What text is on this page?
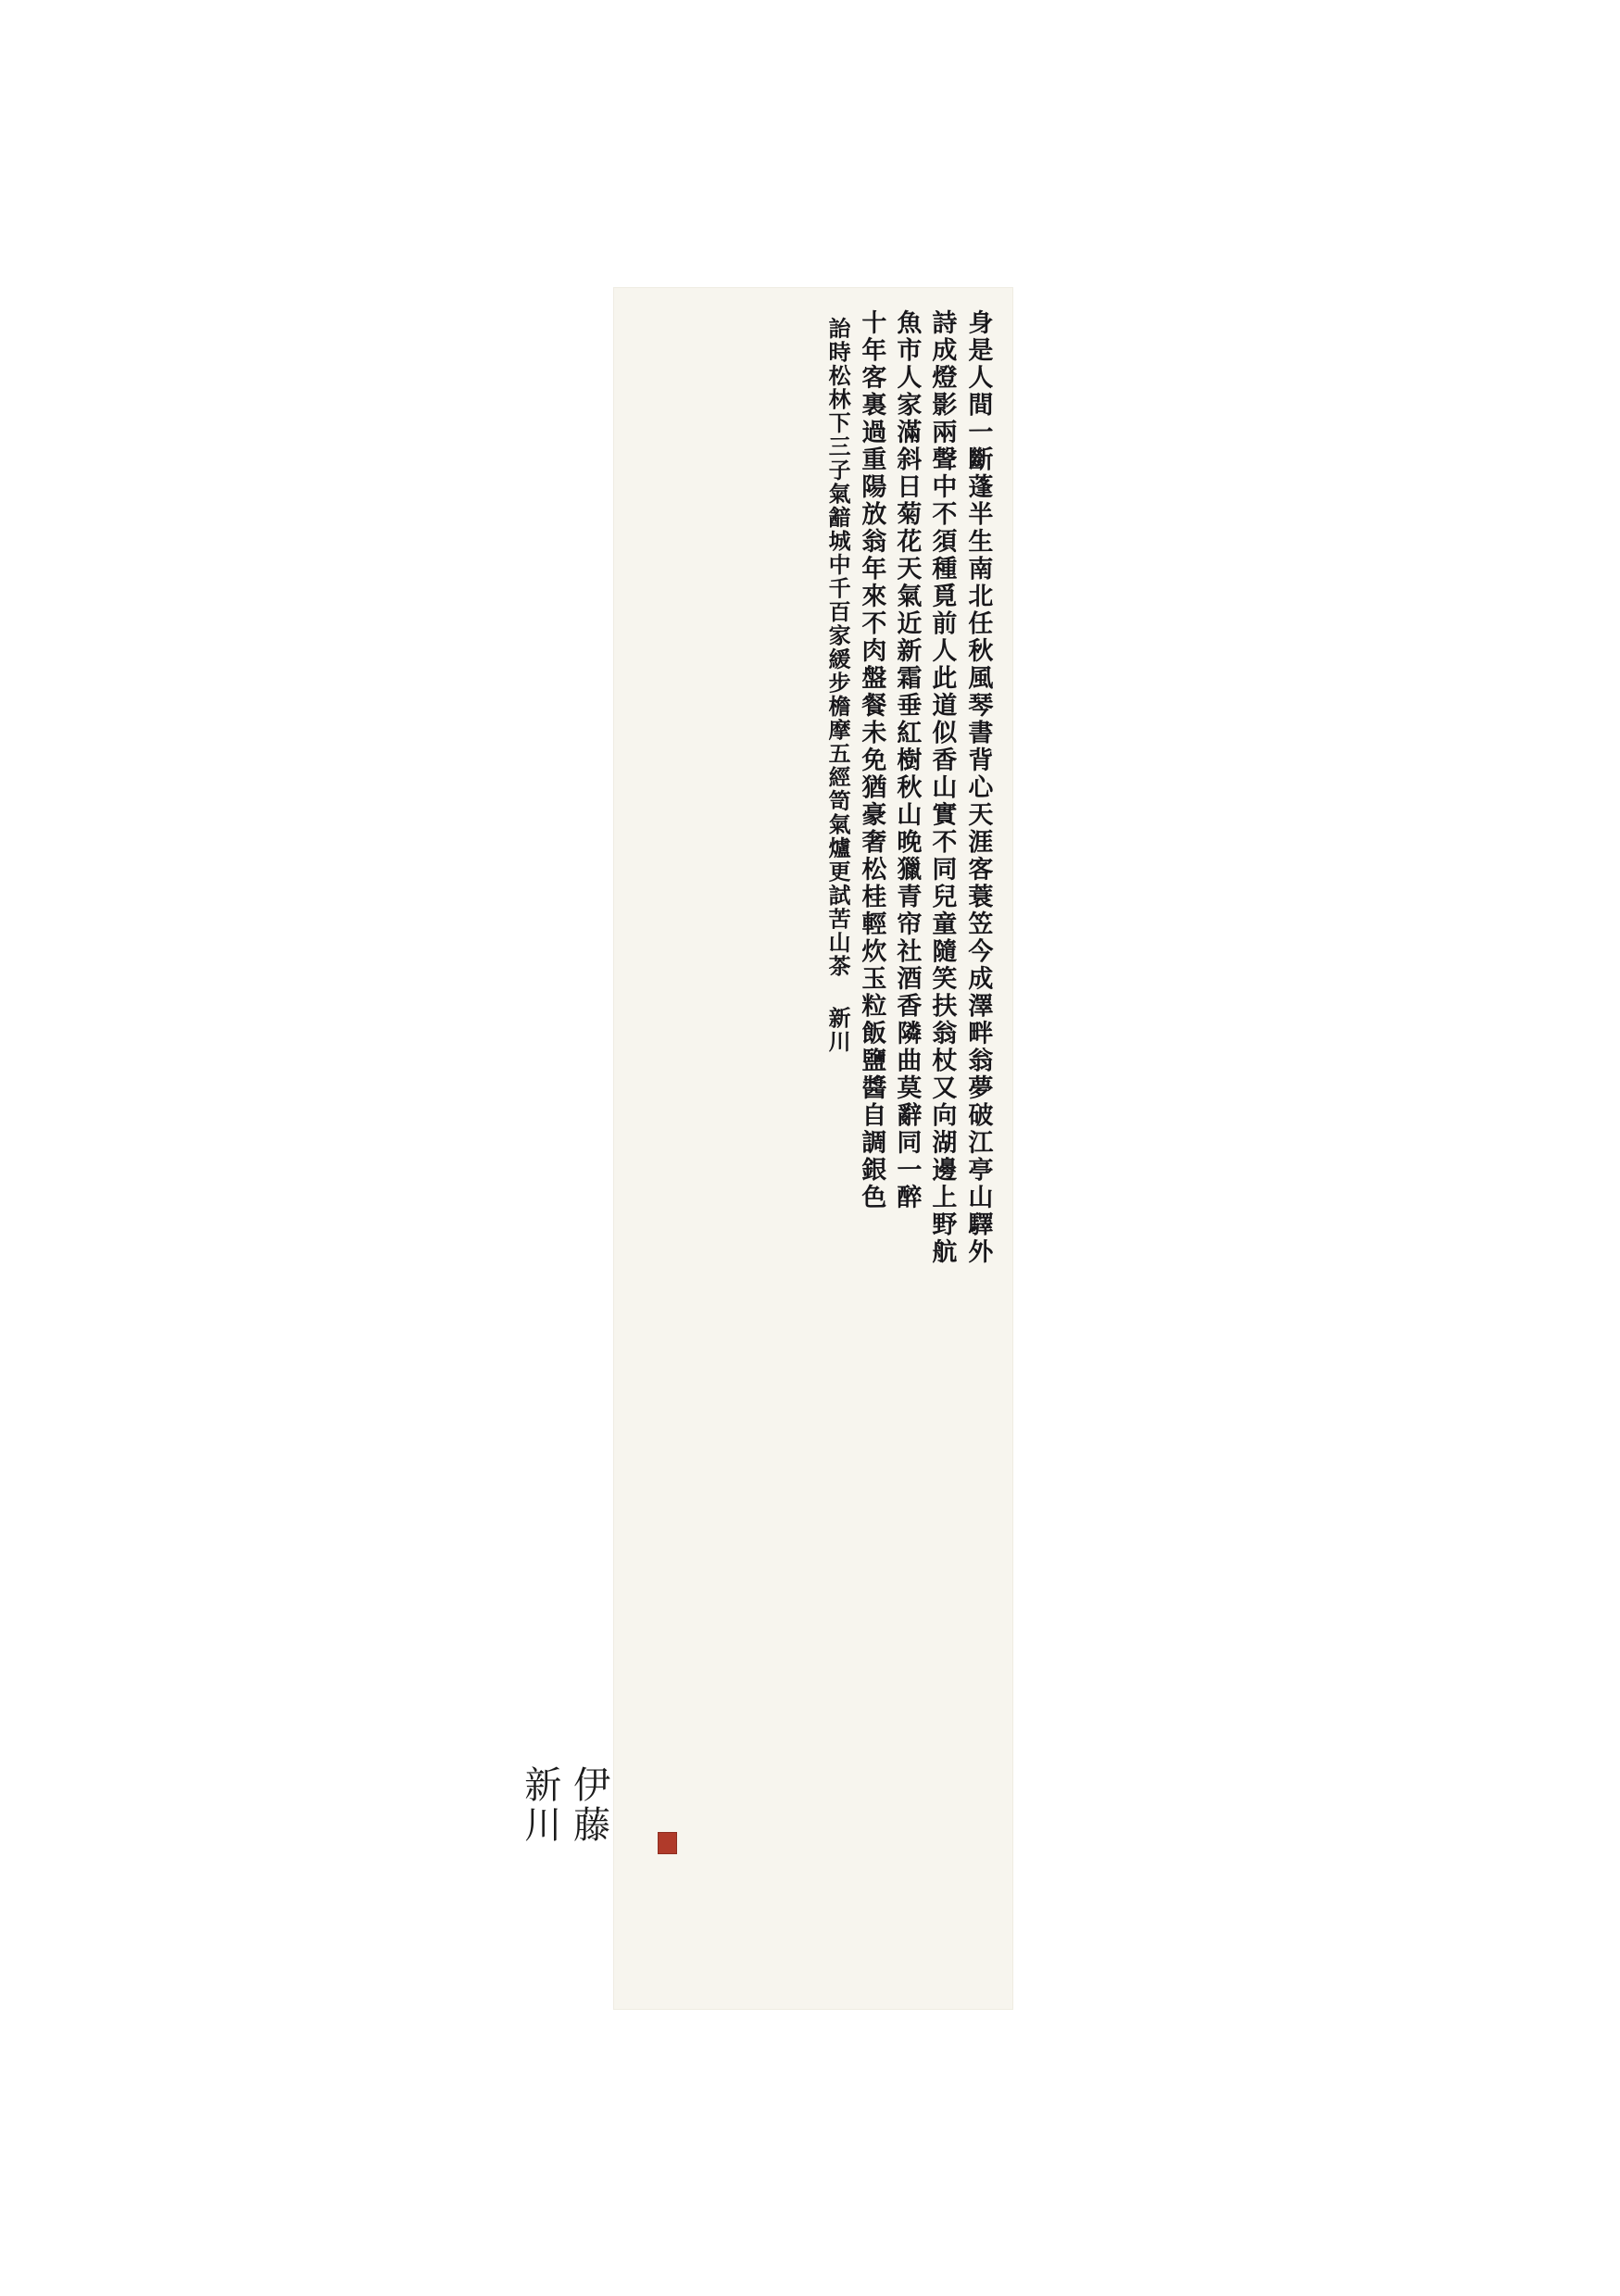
身是人間一斷蓬半生南北任秋風琴書背心天涯客蓑笠今成澤畔翁夢破江亭山驛外
詩成燈影兩聲中不須種覓前人此道似香山實不同兒童隨笑扶翁杖又向湖邊上野航
魚市人家滿斜日菊花天氣近新霜垂紅樹秋山晚獵青帘社酒香隣曲莫辭同一醉
十年客裏過重陽放翁年來不肉盤餐未免猶豪奢松桂輕炊玉粒飯鹽醬自調銀色
詒時松林下三子氣韽城中千百家緩步檐摩五經笥氣爐更試苦山茶 新川
伊藤
新川
